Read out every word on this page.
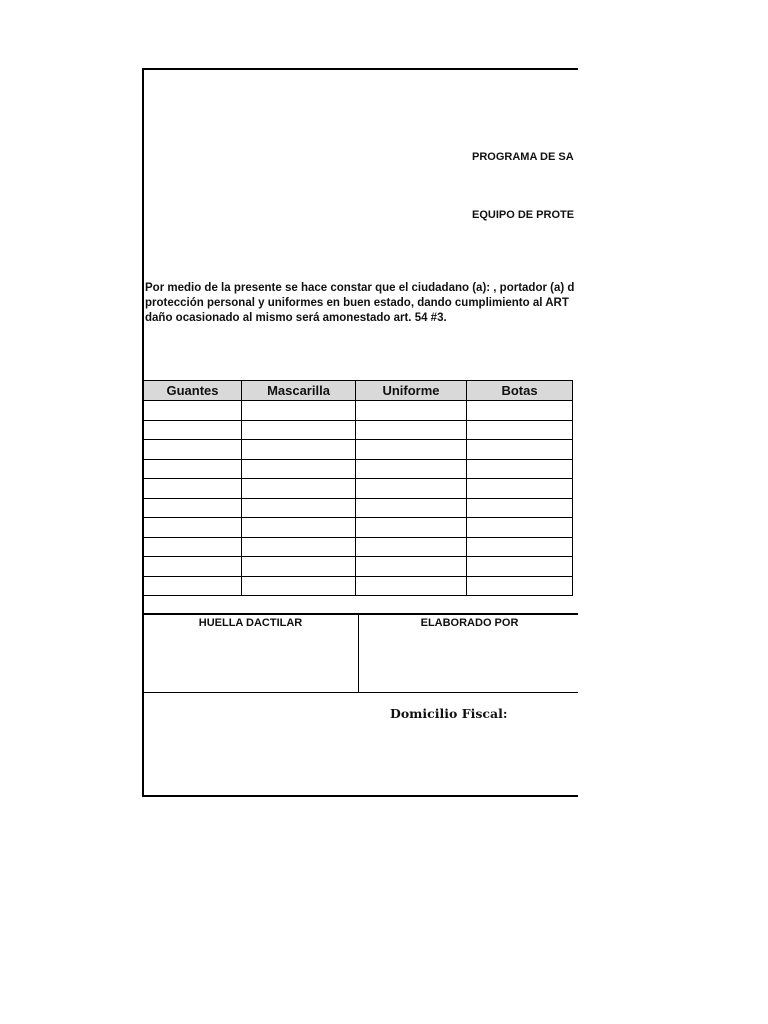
PROGRAMA DE SA
EQUIPO DE PROTE
Por medio de la presente se hace constar que el ciudadano (a): , portador (a) d
protección personal y uniformes en buen estado, dando cumplimiento al ART
daño ocasionado al mismo será amonestado art. 54 #3.
Guantes	Mascarilla	Uniforme	Botas

HUELLA DACTILAR	ELABORADO POR
Domicilio Fiscal:
